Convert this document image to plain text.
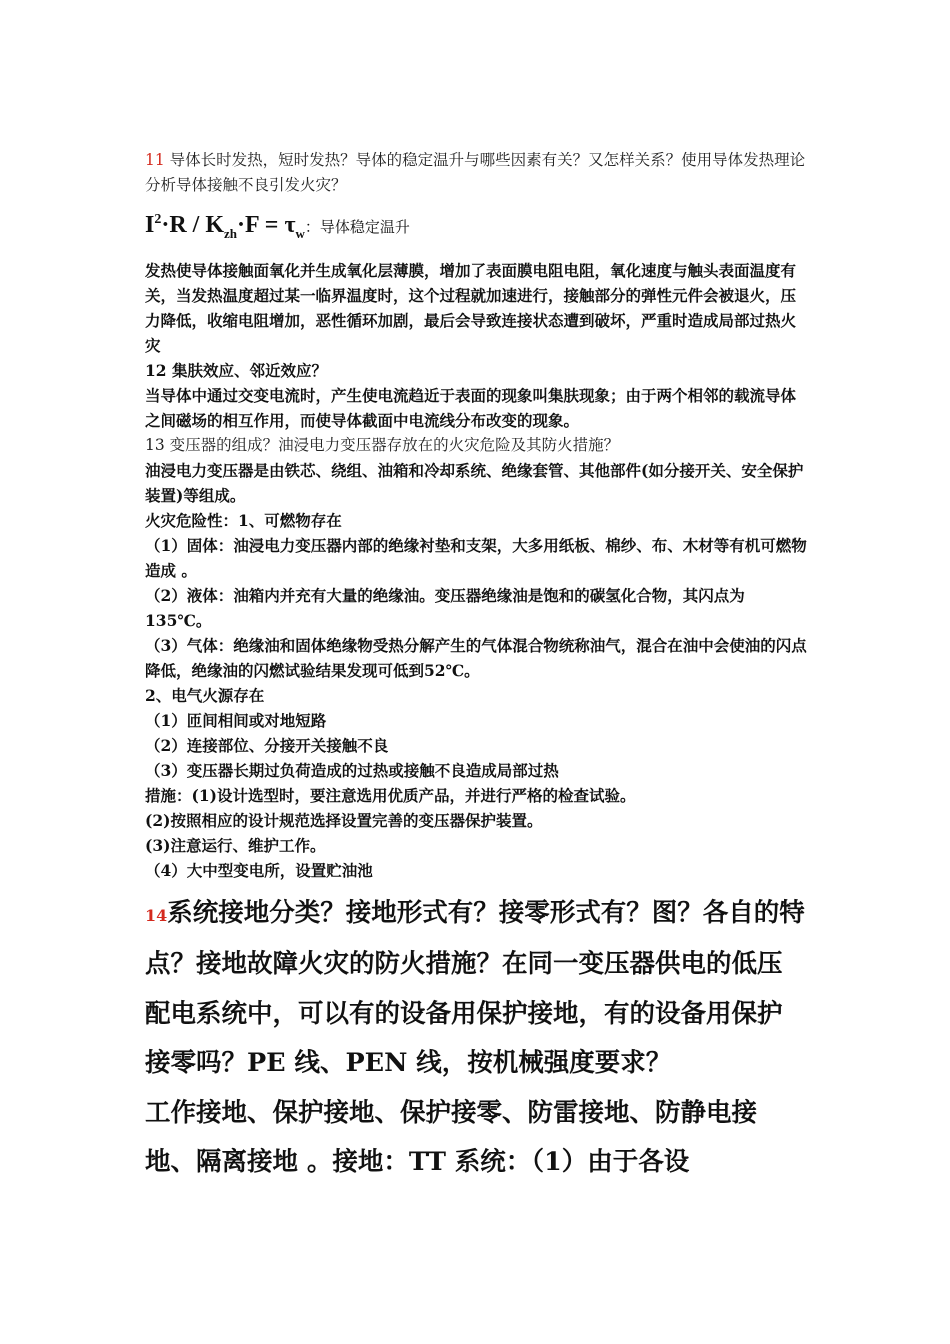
11 导体长时发热，短时发热？导体的稳定温升与哪些因素有关？又怎样关系？使用导体发热理论分析导体接触不良引发火灾？

$I^2\cdot R / K_{zh}\cdot F = \tau_w$：导体稳定温升

发热使导体接触面氧化并生成氧化层薄膜，增加了表面膜电阻电阻，氧化速度与触头表面温度有关，当发热温度超过某一临界温度时，这个过程就加速进行，接触部分的弹性元件会被退火，压力降低，收缩电阻增加，恶性循环加剧，最后会导致连接状态遭到破坏，严重时造成局部过热火灾

12 集肤效应、邻近效应？

当导体中通过交变电流时，产生使电流趋近于表面的现象叫集肤现象；由于两个相邻的载流导体之间磁场的相互作用，而使导体截面中电流线分布改变的现象。

13 变压器的组成？油浸电力变压器存放在的火灾危险及其防火措施？

油浸电力变压器是由铁芯、绕组、油箱和冷却系统、绝缘套管、其他部件(如分接开关、安全保护装置)等组成。

火灾危险性：1、可燃物存在

（1）固体：油浸电力变压器内部的绝缘衬垫和支架，大多用纸板、棉纱、布、木材等有机可燃物造成 。

（2）液体：油箱内并充有大量的绝缘油。变压器绝缘油是饱和的碳氢化合物，其闪点为135℃。

（3）气体：绝缘油和固体绝缘物受热分解产生的气体混合物统称油气，混合在油中会使油的闪点降低，绝缘油的闪燃试验结果发现可低到52℃。

2、电气火源存在

（1）匝间相间或对地短路

（2）连接部位、分接开关接触不良

（3）变压器长期过负荷造成的过热或接触不良造成局部过热

措施：(1)设计选型时，要注意选用优质产品，并进行严格的检查试验。

(2)按照相应的设计规范选择设置完善的变压器保护装置。

(3)注意运行、维护工作。

（4）大中型变电所，设置贮油池

14系统接地分类？接地形式有？接零形式有？图？各自的特点？接地故障火灾的防火措施？在同一变压器供电的低压配电系统中，可以有的设备用保护接地，有的设备用保护接零吗？PE 线、PEN 线，按机械强度要求？

工作接地、保护接地、保护接零、防雷接地、防静电接地、隔离接地 。接地：TT 系统：（1）由于各设
